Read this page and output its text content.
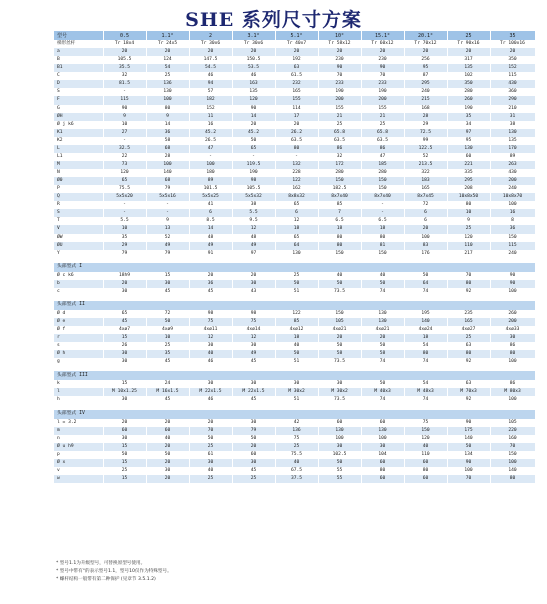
SHE 系列尺寸方案
型号	0.5	1.1°	2	3.1°	5.1°	10°	15.1°	20.1°	25	35
梯形丝杆	Tr 18x4	Tr 24x5	Tr 30x6	Tr 30x6	Tr 40x7	Tr 58x12	Tr 60x12	Tr 70x12	Tr 90x16	Tr 100x16
a	20	20	20	20	20	20	20	20	20	20
B	105.5	124	147.5	150.5	192	230	230	256	317	350
B1	35.5	54	54.5	53.5	63	90	90	95	135	152
C	32	25	46	46	61.5	70	70	87	102	115
D	81.5	136	94	163	232	233	233	295	350	430
S	-	130	57	135	165	190	190	240	280	360
F	115	100	182	120	155	200	200	215	260	290
G	90	80	152	90	114	155	155	168	190	210
ØH	9	9	11	14	17	21	21	28	35	31
Ø j k6	10	14	16	20	20	25	25	29	34	38
K1	27	36	45.2	45.2	26.2	65.8	65.8	72.5	97	130
K2	-	58	26.5	50	63.5	63.5	63.5	99	95	135
L	32.5	68	47	65	80	86	86	122.5	130	170
L1	22	28	-	-	-	32	47	52	60	89
M	73	100	100	119.5	132	172	185	213.5	221	263
N	120	140	180	190	228	280	280	322	335	430
Ø0	65	68	89	98	122	150	150	183	295	200
P	75.5	79	101.5	105.5	162	182.5	150	165	208	240
Q	5x5x20	5x5x16	5x5x25	5x5x32	8x8x32	8x7x40	8x7x40	8x7x45	10x8x50	10x8x70
R	-	-	41	38	65	85	-	72	80	100
S	-	-	6	5.5	6	7	-	6	10	16
T	5.5	9	8.5	9.5	12	6.5	6.5	6	9	8
V	10	13	14	12	18	18	18	20	25	36
ØW	35	52	48	48	65	80	80	100	120	150
ØU	29	49	49	49	64	80	81	83	110	115
Y	79	79	91	97	130	150	150	176	217	240

头部型式 I										
Ø c k6	18h9	15	20	20	25	40	40	50	70	90
b	20	30	36	30	50	50	50	64	80	90
c	30	45	45	43	51	73.5	74	74	92	100

头部型式 II										
Ø d	65	72	98	98	122	150	130	195	235	260
Ø e	45	50	75	75	85	105	130	140	165	200
Ø f	4xø7	4xø9	4xø11	4xø14	4xø12	4xø21	4xø21	4xø24	4xø27	4xø33
r	15	10	12	12	18	20	20	18	25	30
s	26	25	30	30	40	50	50	54	63	86
Ø h	30	35	40	49	50	58	58	80	80	80
g	30	45	46	45	51	73.5	74	74	92	100

头部型式 III										
k	15	24	30	30	30	30	50	54	63	86
l	M 10x1.25	M 16x1.5	M 22x1.5	M 22x1.5	M 30x2	M 30x2	M 40x3	M 48x3	M 70x3	M 80x3
h	30	45	46	45	51	73.5	74	74	92	100

头部型式 IV										
l = 3.2	20	20	20	30	42	60	60	75	90	105
m	60	60	70	79	136	130	130	150	175	220
n	30	40	50	50	75	100	100	120	140	160
Ø u h9	15	20	25	20	25	30	30	40	50	70
p	50	50	61	60	75.5	102.5	104	110	134	150
Ø x	15	20	30	30	40	50	60	60	90	100
v	25	30	40	45	67.5	55	80	80	100	140
w	15	20	25	25	37.5	55	60	60	70	80
* 型号1.1为升级型号，可替换原型号使用。
* 型号中带有°的表示型号1.1，型号10仅作为特殊型号。
* 螺杆结构一般带有第二种保护 (见章节 3.5.1.2)
